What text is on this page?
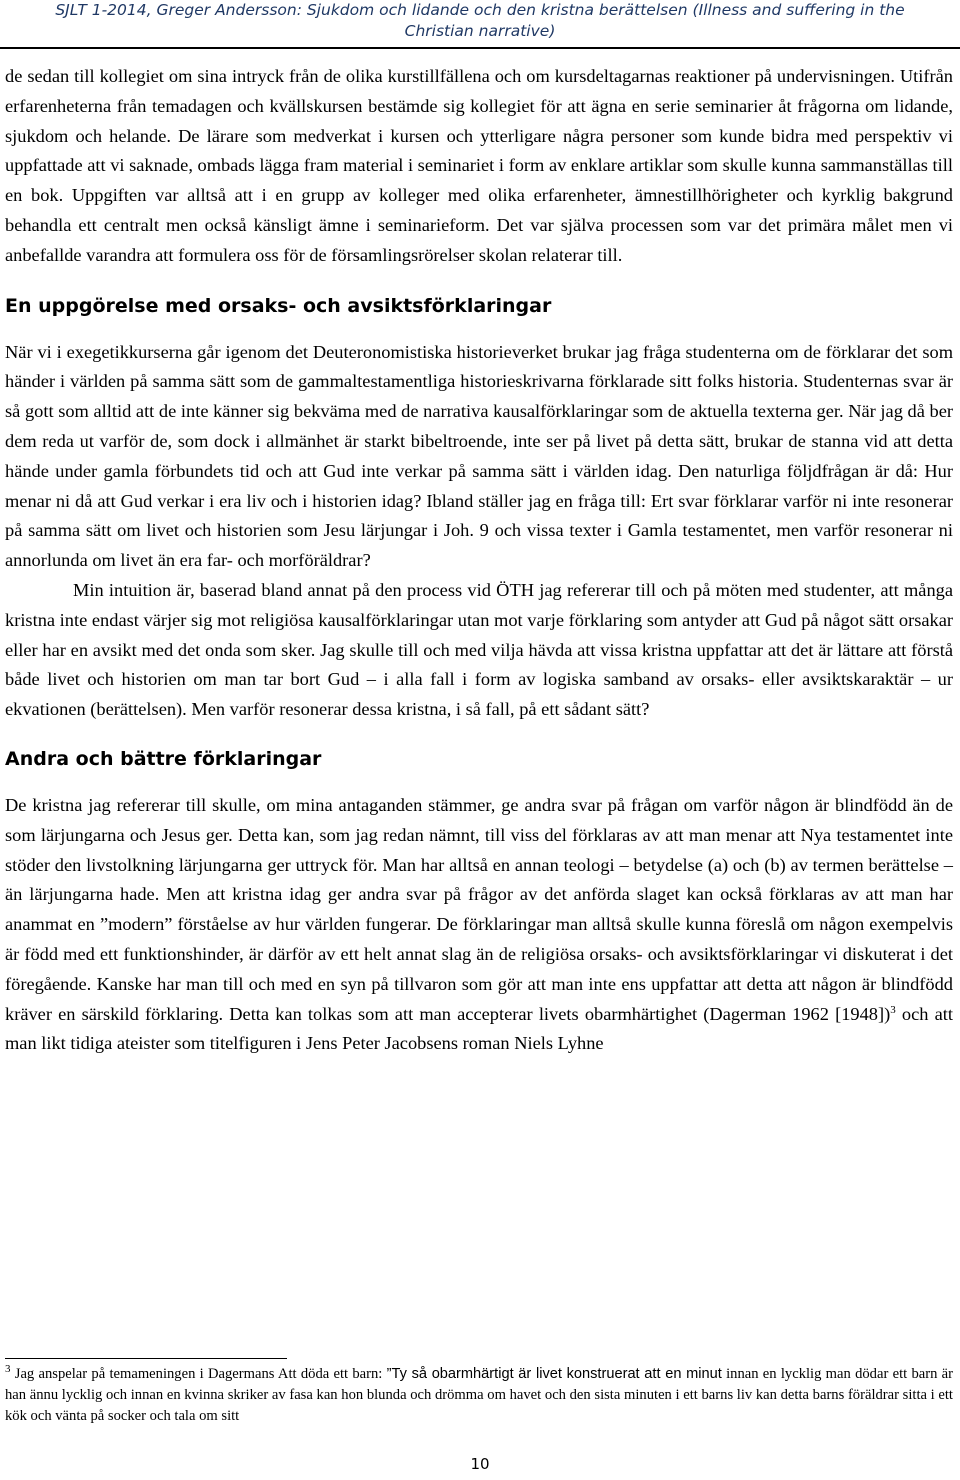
SJLT 1-2014, Greger Andersson: Sjukdom och lidande och den kristna berättelsen (Illness and suffering in the
Christian narrative)

de sedan till kollegiet om sina intryck från de olika kurstillfällena och om kursdeltagarnas reaktioner på undervisningen. Utifrån erfarenheterna från temadagen och kvällskursen bestämde sig kollegiet för att ägna en serie seminarier åt frågorna om lidande, sjukdom och helande. De lärare som medverkat i kursen och ytterligare några personer som kunde bidra med perspektiv vi uppfattade att vi saknade, ombads lägga fram material i seminariet i form av enklare artiklar som skulle kunna sammanställas till en bok. Uppgiften var alltså att i en grupp av kolleger med olika erfarenheter, ämnestillhörigheter och kyrklig bakgrund behandla ett centralt men också känsligt ämne i seminarieform. Det var själva processen som var det primära målet men vi anbefallde varandra att formulera oss för de församlingsrörelser skolan relaterar till.

En uppgörelse med orsaks- och avsiktsförklaringar

När vi i exegetikkurserna går igenom det Deuteronomistiska historieverket brukar jag fråga studenterna om de förklarar det som händer i världen på samma sätt som de gammaltestamentliga historieskrivarna förklarade sitt folks historia. Studenternas svar är så gott som alltid att de inte känner sig bekväma med de narrativa kausalförklaringar som de aktuella texterna ger. När jag då ber dem reda ut varför de, som dock i allmänhet är starkt bibeltroende, inte ser på livet på detta sätt, brukar de stanna vid att detta hände under gamla förbundets tid och att Gud inte verkar på samma sätt i världen idag. Den naturliga följdfrågan är då: Hur menar ni då att Gud verkar i era liv och i historien idag? Ibland ställer jag en fråga till: Ert svar förklarar varför ni inte resonerar på samma sätt om livet och historien som Jesu lärjungar i Joh. 9 och vissa texter i Gamla testamentet, men varför resonerar ni annorlunda om livet än era far- och morföräldrar?

Min intuition är, baserad bland annat på den process vid ÖTH jag refererar till och på möten med studenter, att många kristna inte endast värjer sig mot religiösa kausalförklaringar utan mot varje förklaring som antyder att Gud på något sätt orsakar eller har en avsikt med det onda som sker. Jag skulle till och med vilja hävda att vissa kristna uppfattar att det är lättare att förstå både livet och historien om man tar bort Gud – i alla fall i form av logiska samband av orsaks- eller avsiktskaraktär – ur ekvationen (berättelsen). Men varför resonerar dessa kristna, i så fall, på ett sådant sätt?

Andra och bättre förklaringar

De kristna jag refererar till skulle, om mina antaganden stämmer, ge andra svar på frågan om varför någon är blindfödd än de som lärjungarna och Jesus ger. Detta kan, som jag redan nämnt, till viss del förklaras av att man menar att Nya testamentet inte stöder den livstolkning lärjungarna ger uttryck för. Man har alltså en annan teologi – betydelse (a) och (b) av termen berättelse – än lärjungarna hade. Men att kristna idag ger andra svar på frågor av det anförda slaget kan också förklaras av att man har anammat en ”modern” förståelse av hur världen fungerar. De förklaringar man alltså skulle kunna föreslå om någon exempelvis är född med ett funktionshinder, är därför av ett helt annat slag än de religiösa orsaks- och avsiktsförklaringar vi diskuterat i det föregående. Kanske har man till och med en syn på tillvaron som gör att man inte ens uppfattar att detta att någon är blindfödd kräver en särskild förklaring. Detta kan tolkas som att man accepterar livets obarmhärtighet (Dagerman 1962 [1948])$^3$ och att man likt tidiga ateister som titelfiguren i Jens Peter Jacobsens roman Niels Lyhne

$^3$ Jag anspelar på temameningen i Dagermans Att döda ett barn: ”Ty så obarmhärtigt är livet konstruerat att en minut innan en lycklig man dödar ett barn är han ännu lycklig och innan en kvinna skriker av fasa kan hon blunda och drömma om havet och den sista minuten i ett barns liv kan detta barns föräldrar sitta i ett kök och vänta på socker och tala om sitt

10
